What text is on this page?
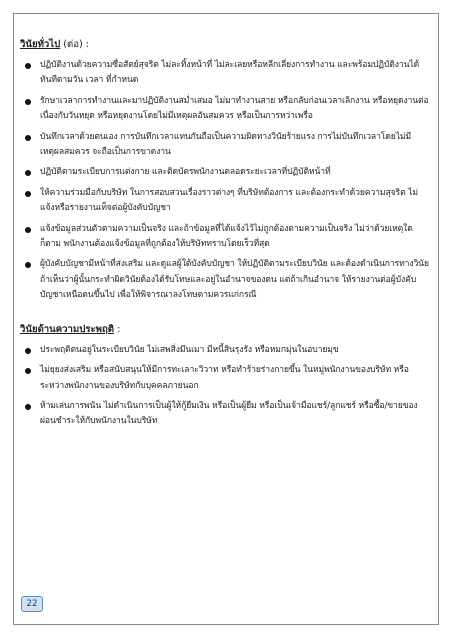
วินัยทั่วไป (ต่อ) :
ปฏิบัติงานด้วยความซื่อสัตย์สุจริต ไม่ละทิ้งหน้าที่ ไม่ละเลยหรือหลีกเลี่ยงการทำงาน และพร้อมปฏิบัติงานได้ทันทีตามวัน เวลา ที่กำหนด
รักษาเวลาการทำงานและมาปฏิบัติงานสม่ำเสมอ ไม่มาทำงานสาย หรือกลับก่อนเวลาเลิกงาน หรือหยุดงานต่อเนื่องกับวันหยุด หรือหยุดงานโดยไม่มีเหตุผลอันสมควร หรือเป็นการหว่าเพรื่อ
บันทึกเวลาด้วยตนเอง การบันทึกเวลาแทนกันถือเป็นความผิดทางวินัยร้ายแรง การไม่บันทึกเวลาโดยไม่มีเหตุผลสมควร จะถือเป็นการขาดงาน
ปฏิบัติตามระเบียบการแต่งกาย และติดบัตรพนักงานตลอดระยะเวลาที่ปฏิบัติหน้าที่
ให้ความร่วมมือกับบริษัท ในการสอบสวนเรื่องราวต่างๆ ที่บริษัทต้องการ และต้องกระทำด้วยความสุจริต ไม่แจ้งหรือรายงานเท็จต่อผู้บังคับบัญชา
แจ้งข้อมูลส่วนตัวตามความเป็นจริง และถ้าข้อมูลที่ได้แจ้งไว้ไม่ถูกต้องตามความเป็นจริง ไม่ว่าด้วยเหตุใดก็ตาม พนักงานต้องแจ้งข้อมูลที่ถูกต้องให้บริษัททราบโดยเร็วที่สุด
ผู้บังคับบัญชามีหน้าที่ส่งเสริม และดูแลผู้ใต้บังคับบัญชา ให้ปฏิบัติตามระเบียบวินัย และต้องดำเนินการทางวินัย ถ้าเห็นว่าผู้นั้นกระทำผิดวินัยต้องได้รับโทษและอยู่ในอำนาจของตน แต่ถ้าเกินอำนาจ ให้รายงานต่อผู้บังคับบัญชาเหนือตนขึ้นไป เพื่อให้พิจารณาลงโทษตามควรแก่กรณี
วินัยด้านความประพฤติ :
ประพฤติตนอยู่ในระเบียบวินัย ไม่เสพสิ่งมึนเมา มีหนี้สินรุงรัง หรือหมกมุ่นในอบายมุข
ไม่ยุยงส่งเสริม หรือสนับสนุนให้มีการทะเลาะวิวาท หรือทำร้ายร่างกายขึ้น ในหมู่พนักงานของบริษัท หรือระหว่างพนักงานของบริษัทกับบุคคลภายนอก
ห้ามเล่นการพนัน ไม่ดำเนินการเป็นผู้ให้กู้ยืมเงิน หรือเป็นผู้ยืม หรือเป็นเจ้ามือแชร์/ลูกแชร์ หรือซื้อ/ขายของผ่อนชำระให้กับพนักงานในบริษัท
22
